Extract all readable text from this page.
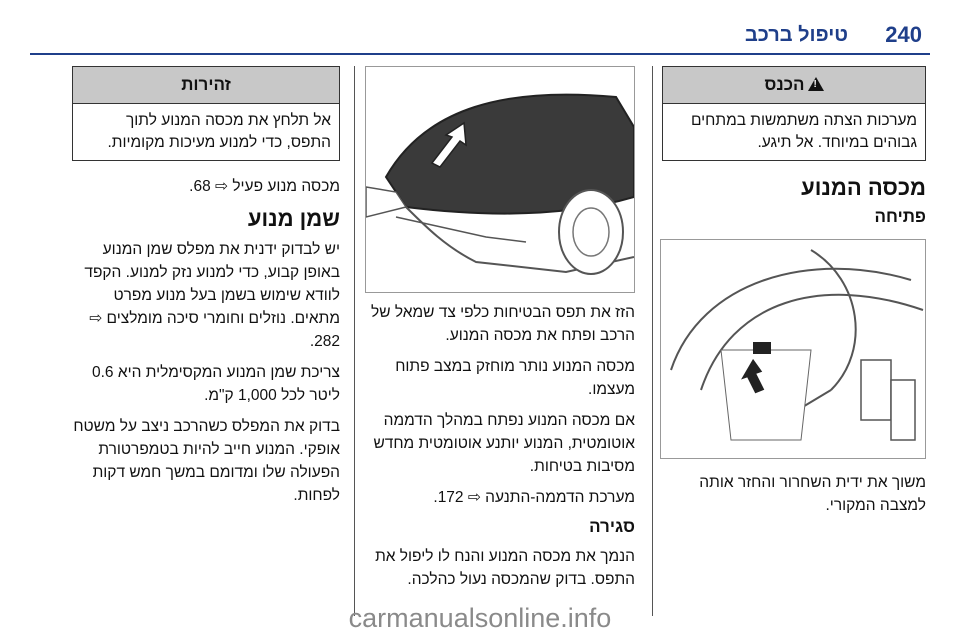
240
טיפול ברכב
!הכנס
מערכות הצתה משתמשות במתחים גבוהים במיוחד. אל תיגע.
מכסה המנוע
פתיחה

משוך את ידית השחרור והחזר אותה למצבה המקורי.

הזז את תפס הבטיחות כלפי צד שמאל של הרכב ופתח את מכסה המנוע.

מכסה המנוע נותר מוחזק במצב פתוח מעצמו.

אם מכסה המנוע נפתח במהלך הדממה אוטומטית, המנוע יותנע אוטומטית מחדש מסיבות בטיחות.

מערכת הדממה-התנעה ⇨ 172.

סגירה

הנמך את מכסה המנוע והנח לו ליפול את התפס. בדוק שהמכסה נעול כהלכה.

זהירות
אל תלחץ את מכסה המנוע לתוך התפס, כדי למנוע מעיכות מקומיות.

מכסה מנוע פעיל ⇨ 68.

שמן מנוע

יש לבדוק ידנית את מפלס שמן המנוע באופן קבוע, כדי למנוע נזק למנוע. הקפד לוודא שימוש בשמן בעל מנוע מפרט מתאים. נוזלים וחומרי סיכה מומלצים ⇨ 282.

צריכת שמן המנוע המקסימלית היא 0.6 ליטר לכל 1,000 ק"מ.

בדוק את המפלס כשהרכב ניצב על משטח אופקי. המנוע חייב להיות בטמפרטורת הפעולה שלו ומדומם במשך חמש דקות לפחות.

carmanualsonline.info
